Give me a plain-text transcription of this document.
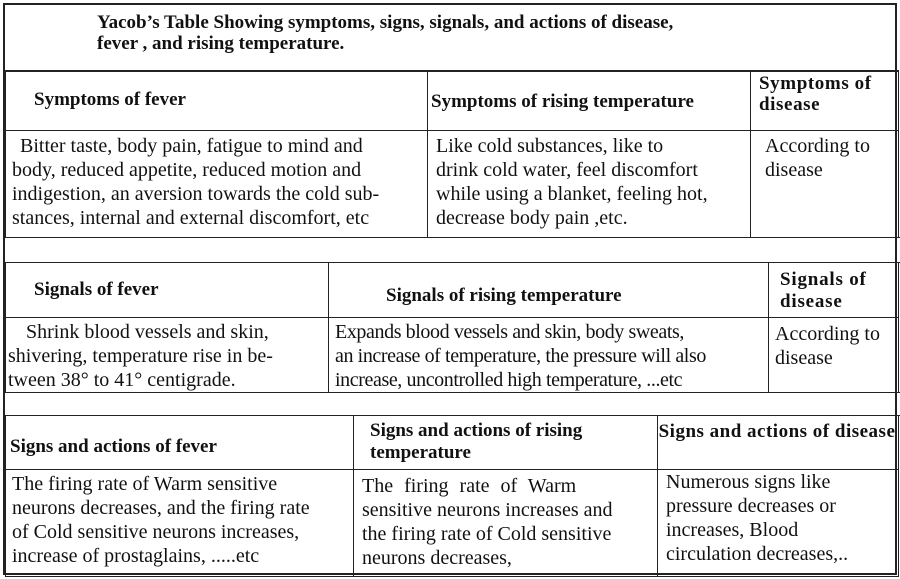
Yacob’s Table Showing symptoms, signs, signals, and actions of disease,
fever , and rising temperature.
Symptoms of fever	Symptoms of rising temperature
Symptoms of disease
Bitter taste, body pain, fatigue to mind and
body, reduced appetite, reduced motion and
indigestion, an aversion towards the cold sub-
stances, internal and external discomfort, etc
Like cold substances, like to
drink cold water, feel discomfort
while using a blanket, feeling hot,
decrease body pain ,etc.
According to
disease
Signals of fever	Signals of rising temperature
Signals of disease
Shrink blood vessels and skin,
shivering, temperature rise in be-
tween 38° to 41° centigrade.
Expands blood vessels and skin, body sweats,
an increase of temperature, the pressure will also
increase, uncontrolled high temperature, ...etc
According to
disease
Signs and actions of fever
Signs and actions of rising temperature
Signs and actions of disease
The firing rate of Warm sensitive
neurons decreases, and the firing rate
of Cold sensitive neurons increases,
increase of prostaglains, .....etc
The firing rate of Warm
sensitive neurons increases and
the firing rate of Cold sensitive
neurons decreases,
Numerous signs like
pressure decreases or
increases, Blood
circulation decreases,..
